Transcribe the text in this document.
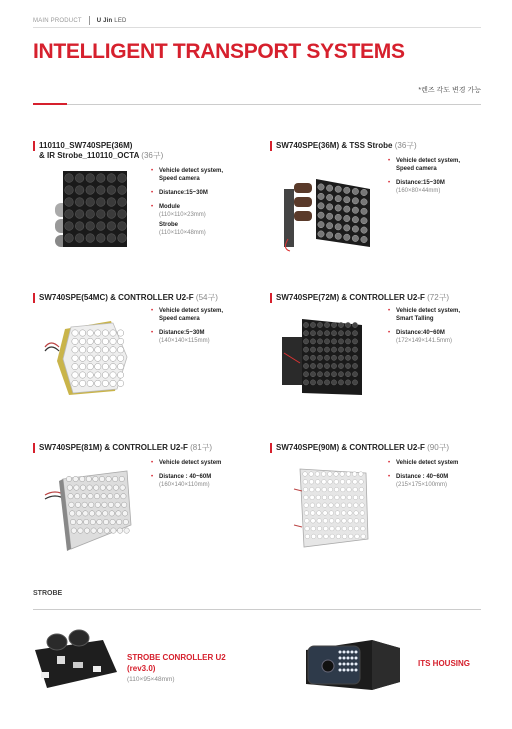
MAIN PRODUCT	U Jin LED
INTELLIGENT TRANSPORT SYSTEMS
*렌즈 각도 변경 가능
110110_SW740SPE(36M)
& IR Strobe_110110_OCTA (36구)
• Vehicle detect system,
Speed camera
• Distance:15~30M
• Module
(110×110×23mm)
Strobe
(110×110×48mm)
SW740SPE(36M) & TSS Strobe (36구)
• Vehicle detect system,
Speed camera
• Distance:15~30M
(160×80×44mm)
SW740SPE(54MC) & CONTROLLER U2-F (54구)
• Vehicle detect system,
Speed camera
• Distance:5~30M
(140×140×115mm)
SW740SPE(72M) & CONTROLLER U2-F (72구)
• Vehicle detect system,
Smart Talling
• Distance:40~60M
(172×149×141.5mm)
SW740SPE(81M) & CONTROLLER U2-F (81구)
• Vehicle detect system
• Distance : 40~60M
(160×140×110mm)
SW740SPE(90M) & CONTROLLER U2-F (90구)
• Vehicle detect system
• Distance : 40~60M
(215×175×100mm)
STROBE
STROBE CONROLLER U2
(rev3.0)
(110×95×48mm)
ITS HOUSING
